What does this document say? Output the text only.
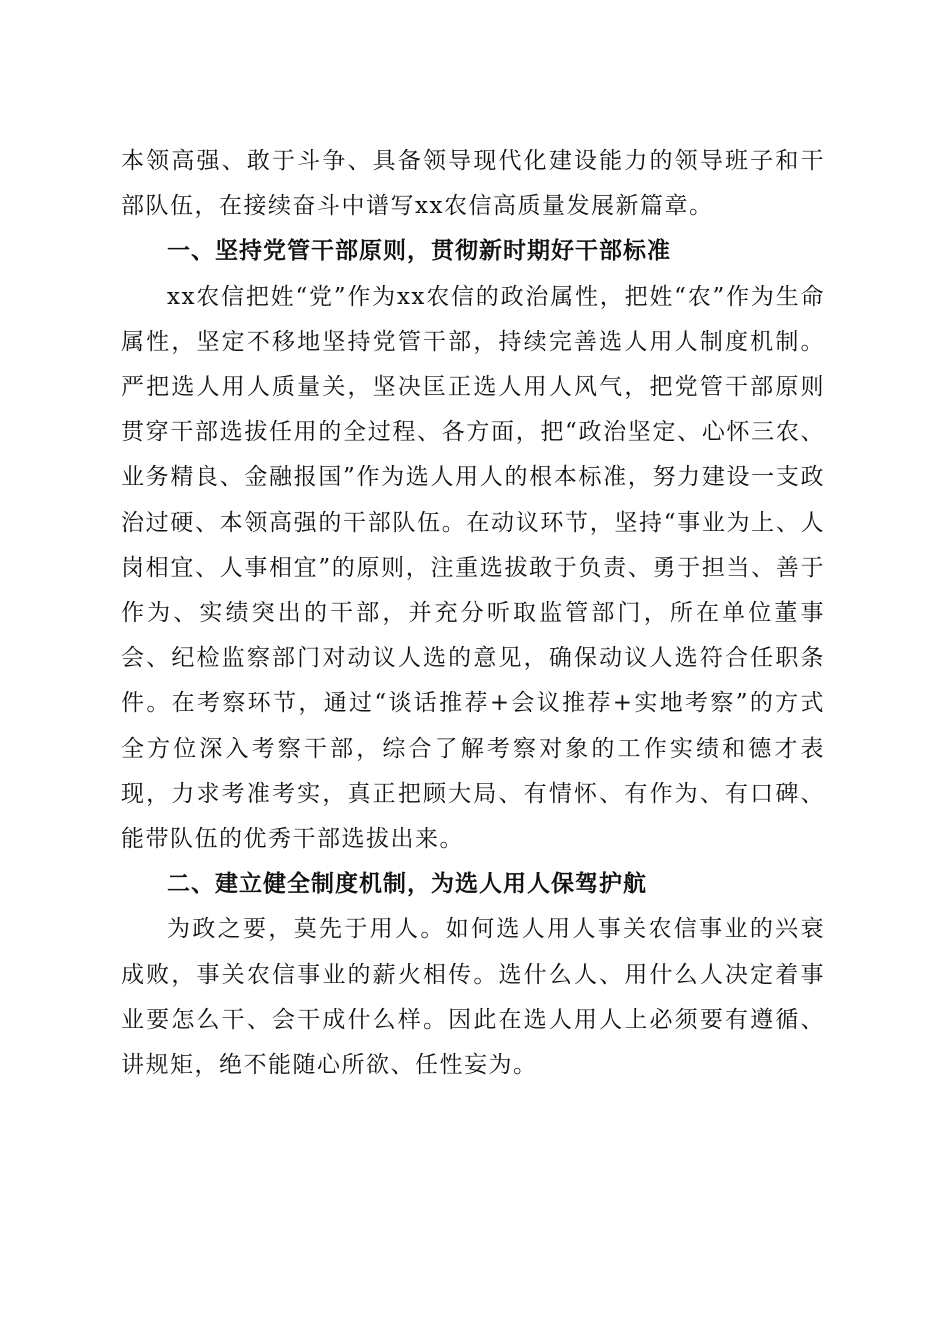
本领高强、敢于斗争、具备领导现代化建设能力的领导班子和干部队伍，在接续奋斗中谱写xx农信高质量发展新篇章。

一、坚持党管干部原则，贯彻新时期好干部标准

xx农信把姓“党”作为xx农信的政治属性，把姓“农”作为生命属性，坚定不移地坚持党管干部，持续完善选人用人制度机制。严把选人用人质量关，坚决匡正选人用人风气，把党管干部原则贯穿干部选拔任用的全过程、各方面，把“政治坚定、心怀三农、业务精良、金融报国”作为选人用人的根本标准，努力建设一支政治过硬、本领高强的干部队伍。在动议环节，坚持“事业为上、人岗相宜、人事相宜”的原则，注重选拔敢于负责、勇于担当、善于作为、实绩突出的干部，并充分听取监管部门，所在单位董事会、纪检监察部门对动议人选的意见，确保动议人选符合任职条件。在考察环节，通过“谈话推荐+会议推荐+实地考察”的方式全方位深入考察干部，综合了解考察对象的工作实绩和德才表现，力求考准考实，真正把顾大局、有情怀、有作为、有口碑、能带队伍的优秀干部选拔出来。

二、建立健全制度机制，为选人用人保驾护航

为政之要，莫先于用人。如何选人用人事关农信事业的兴衰成败，事关农信事业的薪火相传。选什么人、用什么人决定着事业要怎么干、会干成什么样。因此在选人用人上必须要有遵循、讲规矩，绝不能随心所欲、任性妄为。
